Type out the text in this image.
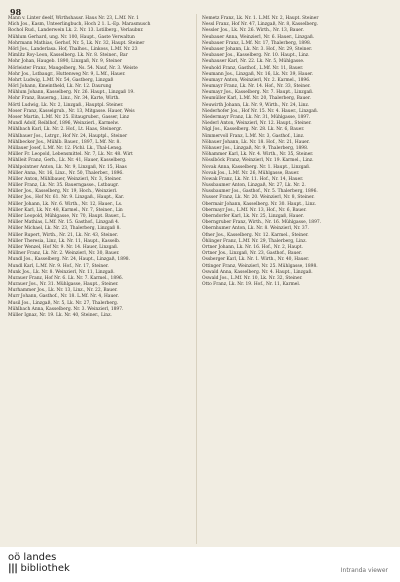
98
Mann v. Linter deelf, Wirthshausr. Haus Nr. 23, L.Mf. Nr. 1
Mich Jos., Kasm, Unteerlingbuch, Hoch 2 1. L.-Ep. Marasmusch
Rochol Rud., Landerwein Lk. 2. Nr. 13. Lstilberg., Verlaubnr.
Mühlum Gerhard, ung. Nr. 100, Haupt., Gaste Verwaltun
Mohrmann Mathias, Gerhof, Nr. 5, Lk. Nr. 32, Haupt. Steiner
Mörl Jos., Landerlasa. Hof, Thalhos., Linkoss, L.Mf. Nr. 23
Mimlitz Roy-Leon, Kasselberg. Lk. Nr. 8. Steiner., Bar
Mohr Johan, Haugeb. 1890, Linzgaß, Nr. 9, Steiner
Mörleister Franz, Maugelberg, Ns. 54. Nauf, Nr. 3. Weiste
Mohr Jos., Lstbaugr., Huttenweg Nr. 9, L.Mf., Hauer.
Mohrt Ludwig, L.Mf. Nr. 54, Gastberg, Linzgaß
Mörl Johann, Kmeintheld, Lk. Nr. 12. Daurung
Mühlum Johann, Kasselberg. Nr. 26. Haupt., Linzgaß 19.
Mohr Franz, Bauerng., Linz., Nr. 34, Karte, Wirth.
Mörtl Ludwig, Lk. Nr. 2, Linzgaß., Hauptpl. Steiner.
Moser Franz, Kasselgrub., Nr. 13, Mitgasse. Hauer, Weis
Moser Martin, L.Mf. Nr. 25. Eitaugruber., Gasser, Linz
Mundl Adolf, Reiblhof, 1896, Weinzierl., Karmelw.
Mühlbach Karl, Lk. Nr. 2. Hof., Lt. Haas, Steinergr.
Mühlbauer Jos., Lstrgr., Hof Nr. 24, Hauptpl., Steiner
Mühlbecker Jos., Mühlb. Bauer., 1897, L.Mf. Nr. 8.
Müllauer Josef, L.Mf. Nr. 12. Pichl. Lk., Thal-Lensg.
Müller Fr. Leopold, Lebensmittel. Nr. 7, Lk. Nr. 48. Wirt
Mühlleit Franz, Gerh., Lk. Nr. 41, Hauer, Kasselberg.
Mühlpointner Anton, Lk. Nr. 9, Linzgaß, Nr. 15, Haas
Müller Anna, Nr. 16, Linz., Nr. 50, Thalerber., 1896.
Müller Anton, Mühlbauer, Weinzierl, Nr. 3, Steiner.
Müller Franz, Lk. Nr. 35. Bauerngasse., Lstbaugr.
Müller Jos., Kasselberg, Nr. 19, Hoch., Weinzierl.
Müller Jos., Hof Nr. 61. Nr. 9. Linzgaß., Haupt., Kar.
Müller Johann, Lk. Nr. 6. Wirth., Nr. 12, Hauer., Ls.
Müller Karl, Lk. Nr. 48, Karmel., Nr. 7, Steiner., Lin
Müller Leopold, Mühlgasse, Nr. 70, Haupt. Bauer., L.
Müller Mathias, L.Mf. Nr. 15. Gasthof., Linzgaß 4.
Müller Michael, Lk. Nr. 23, Thalerberg, Linzgaß 8.
Müller Rupert, Wirth., Nr. 21, Lk. Nr. 43, Steiner.
Müller Theresia, Linz, Lk. Nr. 11, Haupt., Kasselb.
Müller Wenzel, Hof Nr. 9. Nr. 14. Hauer, Linzgaß.
Müllner Franz, Lk. Nr. 2. Weinzierl, Nr. 30, Bauer.
Mundl Jos., Kasselberg. Nr. 24, Haupt., Linzgaß, 1898.
Mundl Karl, L.Mf. Nr. 9. Hof., Nr. 17, Steiner.
Munk Jos., Lk. Nr. 8. Weinzierl, Nr. 11, Linzgaß.
Murauer Franz, Hof Nr. 6. Lk. Nr. 7. Karmel., 1896.
Murauer Jos., Nr. 31. Mühlgasse, Haupt., Steiner.
Murhammer Jos., Lk. Nr. 13, Linz., Nr. 22, Bauer.
Murr Johann, Gasthof., Nr. 18. L.Mf. Nr. 4, Hauer.
Musil Jos., Linzgaß, Nr. 5, Lk. Nr. 27, Thalerberg.
Mühlbach Anna, Kasselberg. Nr. 3. Weinzierl, 1897.
Müller Ignaz, Nr. 19. Lk. Nr. 40, Steiner., Linz.
Nemetz Franz, Lk. Nr. 1. L.Mf. Nr. 2, Haupt. Steiner
Nessl Franz, Hof Nr. 47, Linzgaß, Nr. 8, Kasselberg.
Nessler Jos., Lk. Nr. 26. Wirth., Nr. 13, Bauer.
Neubauer Anna, Weinzierl, Nr. 6. Hauer., Linzgaß.
Neubauer Franz, L.Mf. Nr. 17, Thalerberg, 1898.
Neubauer Johann, Lk. Nr. 3. Hof., Nr. 29, Steiner.
Neubauer Jos., Kasselberg. Nr. 10. Haupt., Linz.
Neuhauser Karl, Nr. 22. Lk. Nr. 5, Mühlgasse.
Neuhold Franz, Gasthof., L.Mf. Nr. 11, Bauer.
Neumann Jos., Linzgaß, Nr. 16, Lk. Nr. 39, Hauer.
Neumayr Anton, Weinzierl, Nr. 2. Karmel., 1896.
Neumayr Franz, Lk. Nr. 14. Hof., Nr. 33, Steiner.
Neumayr Jos., Kasselberg. Nr. 7. Haupt., Linzgaß.
Neumüller Karl, L.Mf. Nr. 20, Thalerberg, Bauer.
Neuwirth Johann, Lk. Nr. 9, Wirth., Nr. 24, Linz.
Niederhofer Jos., Hof Nr. 15. Nr. 4. Hauer., Linzgaß.
Niedermayr Franz, Lk. Nr. 31, Mühlgasse, 1897.
Niederl Anton, Weinzierl, Nr. 12. Haupt., Steiner.
Nigl Jos., Kasselberg. Nr. 28. Lk. Nr. 6, Bauer.
Nimmervoll Franz, L.Mf. Nr. 3, Gasthof., Linz.
Nöbauer Johann, Lk. Nr. 18. Hof., Nr. 21, Hauer.
Nöbauer Jos., Linzgaß, Nr. 9, Thalerberg, 1898.
Nöhammer Karl, Lk. Nr. 4. Wirth., Nr. 35, Steiner.
Nösslböck Franz, Weinzierl, Nr. 19. Karmel., Linz.
Novak Anna, Kasselberg. Nr. 1. Haupt., Linzgaß.
Novak Jos., L.Mf. Nr. 26, Mühlgasse, Bauer.
Nowak Franz, Lk. Nr. 11. Hof., Nr. 14, Hauer.
Nussbaumer Anton, Linzgaß, Nr. 27, Lk. Nr. 2.
Nussbaumer Jos., Gasthof., Nr. 5. Thalerberg, 1896.
Nusser Franz, Lk. Nr. 20. Weinzierl, Nr. 8, Steiner.
Obermair Johann, Kasselberg. Nr. 30. Haupt., Linz.
Obermayr Jos., L.Mf. Nr. 13, Hof., Nr. 6, Bauer.
Oberndorfer Karl, Lk. Nr. 25, Linzgaß, Hauer.
Oberngruber Franz, Wirth., Nr. 16. Mühlgasse, 1897.
Obernhumer Anton, Lk. Nr. 8. Weinzierl, Nr. 37.
Ofner Jos., Kasselberg. Nr. 12. Karmel., Steiner.
Öhlinger Franz, L.Mf. Nr. 29, Thalerberg, Linz.
Ortner Johann, Lk. Nr. 16. Hof., Nr. 2, Haupt.
Ortner Jos., Linzgaß, Nr. 23, Gasthof., Bauer.
Ossberger Karl, Lk. Nr. 1. Wirth., Nr. 40, Hauer.
Ottinger Franz, Weinzierl, Nr. 25. Mühlgasse, 1898.
Oswald Anna, Kasselberg. Nr. 4. Haupt., Linzgaß.
Oswald Jos., L.Mf. Nr. 10, Lk. Nr. 32, Steiner.
Otto Franz, Lk. Nr. 19. Hof., Nr. 11, Karmel.
oö landes
||| bibliothek	Intranda viewer
